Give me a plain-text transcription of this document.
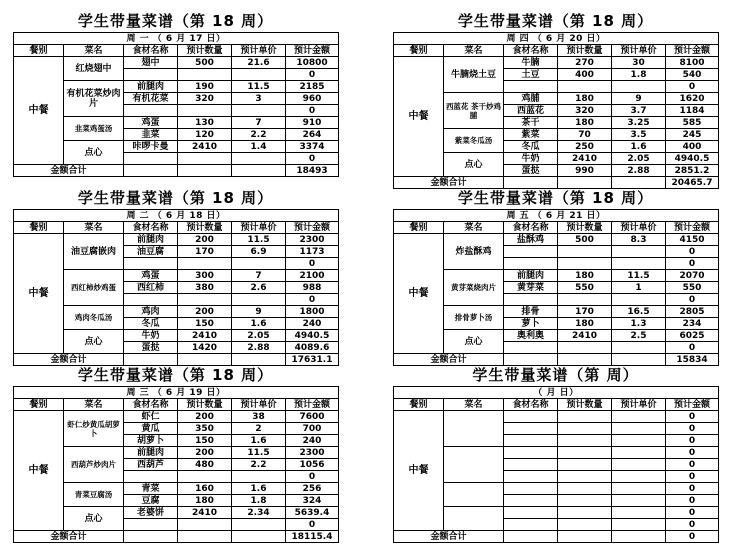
学生带量菜谱（第 18 周）
周 一 （ 6 月 17 日）					
餐别	菜名	食材名称	预计数量	预计单价	预计金额
中餐	红烧翅中	翅中	500	21.6	10800
					0
	有机花菜炒肉片	前腿肉	190	11.5	2185
		有机花菜	320	3	960
					0
	韭菜鸡蛋汤	鸡蛋	130	7	910
		韭菜	120	2.2	264
	点心	咔啰卡曼	2410	1.4	3374
					0
金额合计					18493
学生带量菜谱（第 18 周）
周 四 （ 6 月 20 日）					
餐别	菜名	食材名称	预计数量	预计单价	预计金额
中餐	牛腩烧土豆	牛腩	270	30	8100
		土豆	400	1.8	540
					0
	西蓝花 茶干炒鸡脯	鸡脯	180	9	1620
		西蓝花	320	3.7	1184
		茶干	180	3.25	585
	紫菜冬瓜汤	紫菜	70	3.5	245
		冬瓜	250	1.6	400
	点心	牛奶	2410	2.05	4940.5
		蛋挞	990	2.88	2851.2
金额合计					20465.7
学生带量菜谱（第 18 周）
周 二 （ 6 月 18 日）					
餐别	菜名	食材名称	预计数量	预计单价	预计金额
中餐	油豆腐嵌肉	前腿肉	200	11.5	2300
		油豆腐	170	6.9	1173
					0
	西红柿炒鸡蛋	鸡蛋	300	7	2100
		西红柿	380	2.6	988
					0
	鸡肉冬瓜汤	鸡肉	200	9	1800
		冬瓜	150	1.6	240
	点心	牛奶	2410	2.05	4940.5
		蛋挞	1420	2.88	4089.6
金额合计					17631.1
学生带量菜谱（第 18 周）
周 五 （ 6 月 21 日）					
餐别	菜名	食材名称	预计数量	预计单价	预计金额
中餐	炸盐酥鸡	盐酥鸡	500	8.3	4150
					0
					0
	黄芽菜烧肉片	前腿肉	180	11.5	2070
		黄芽菜	550	1	550
					0
	排骨萝卜汤	排骨	170	16.5	2805
		萝卜	180	1.3	234
	点心	奥利奥	2410	2.5	6025
					0
金额合计					15834
学生带量菜谱（第 18 周）
周 三 （ 6 月 19 日）					
餐别	菜名	食材名称	预计数量	预计单价	预计金额
中餐	虾仁炒黄瓜胡萝卜	虾仁	200	38	7600
		黄瓜	350	2	700
		胡萝卜	150	1.6	240
	西葫芦炒肉片	前腿肉	200	11.5	2300
		西葫芦	480	2.2	1056
					0
	青菜豆腐汤	青菜	160	1.6	256
		豆腐	180	1.8	324
	点心	老婆饼	2410	2.34	5639.4
					0
金额合计					18115.4
学生带量菜谱（第 周）
（ 月 日）					
餐别	菜名	食材名称	预计数量	预计单价	预计金额
中餐					0
					0
					0
					0
					0
					0
					0
					0
					0
					0
金额合计					0
